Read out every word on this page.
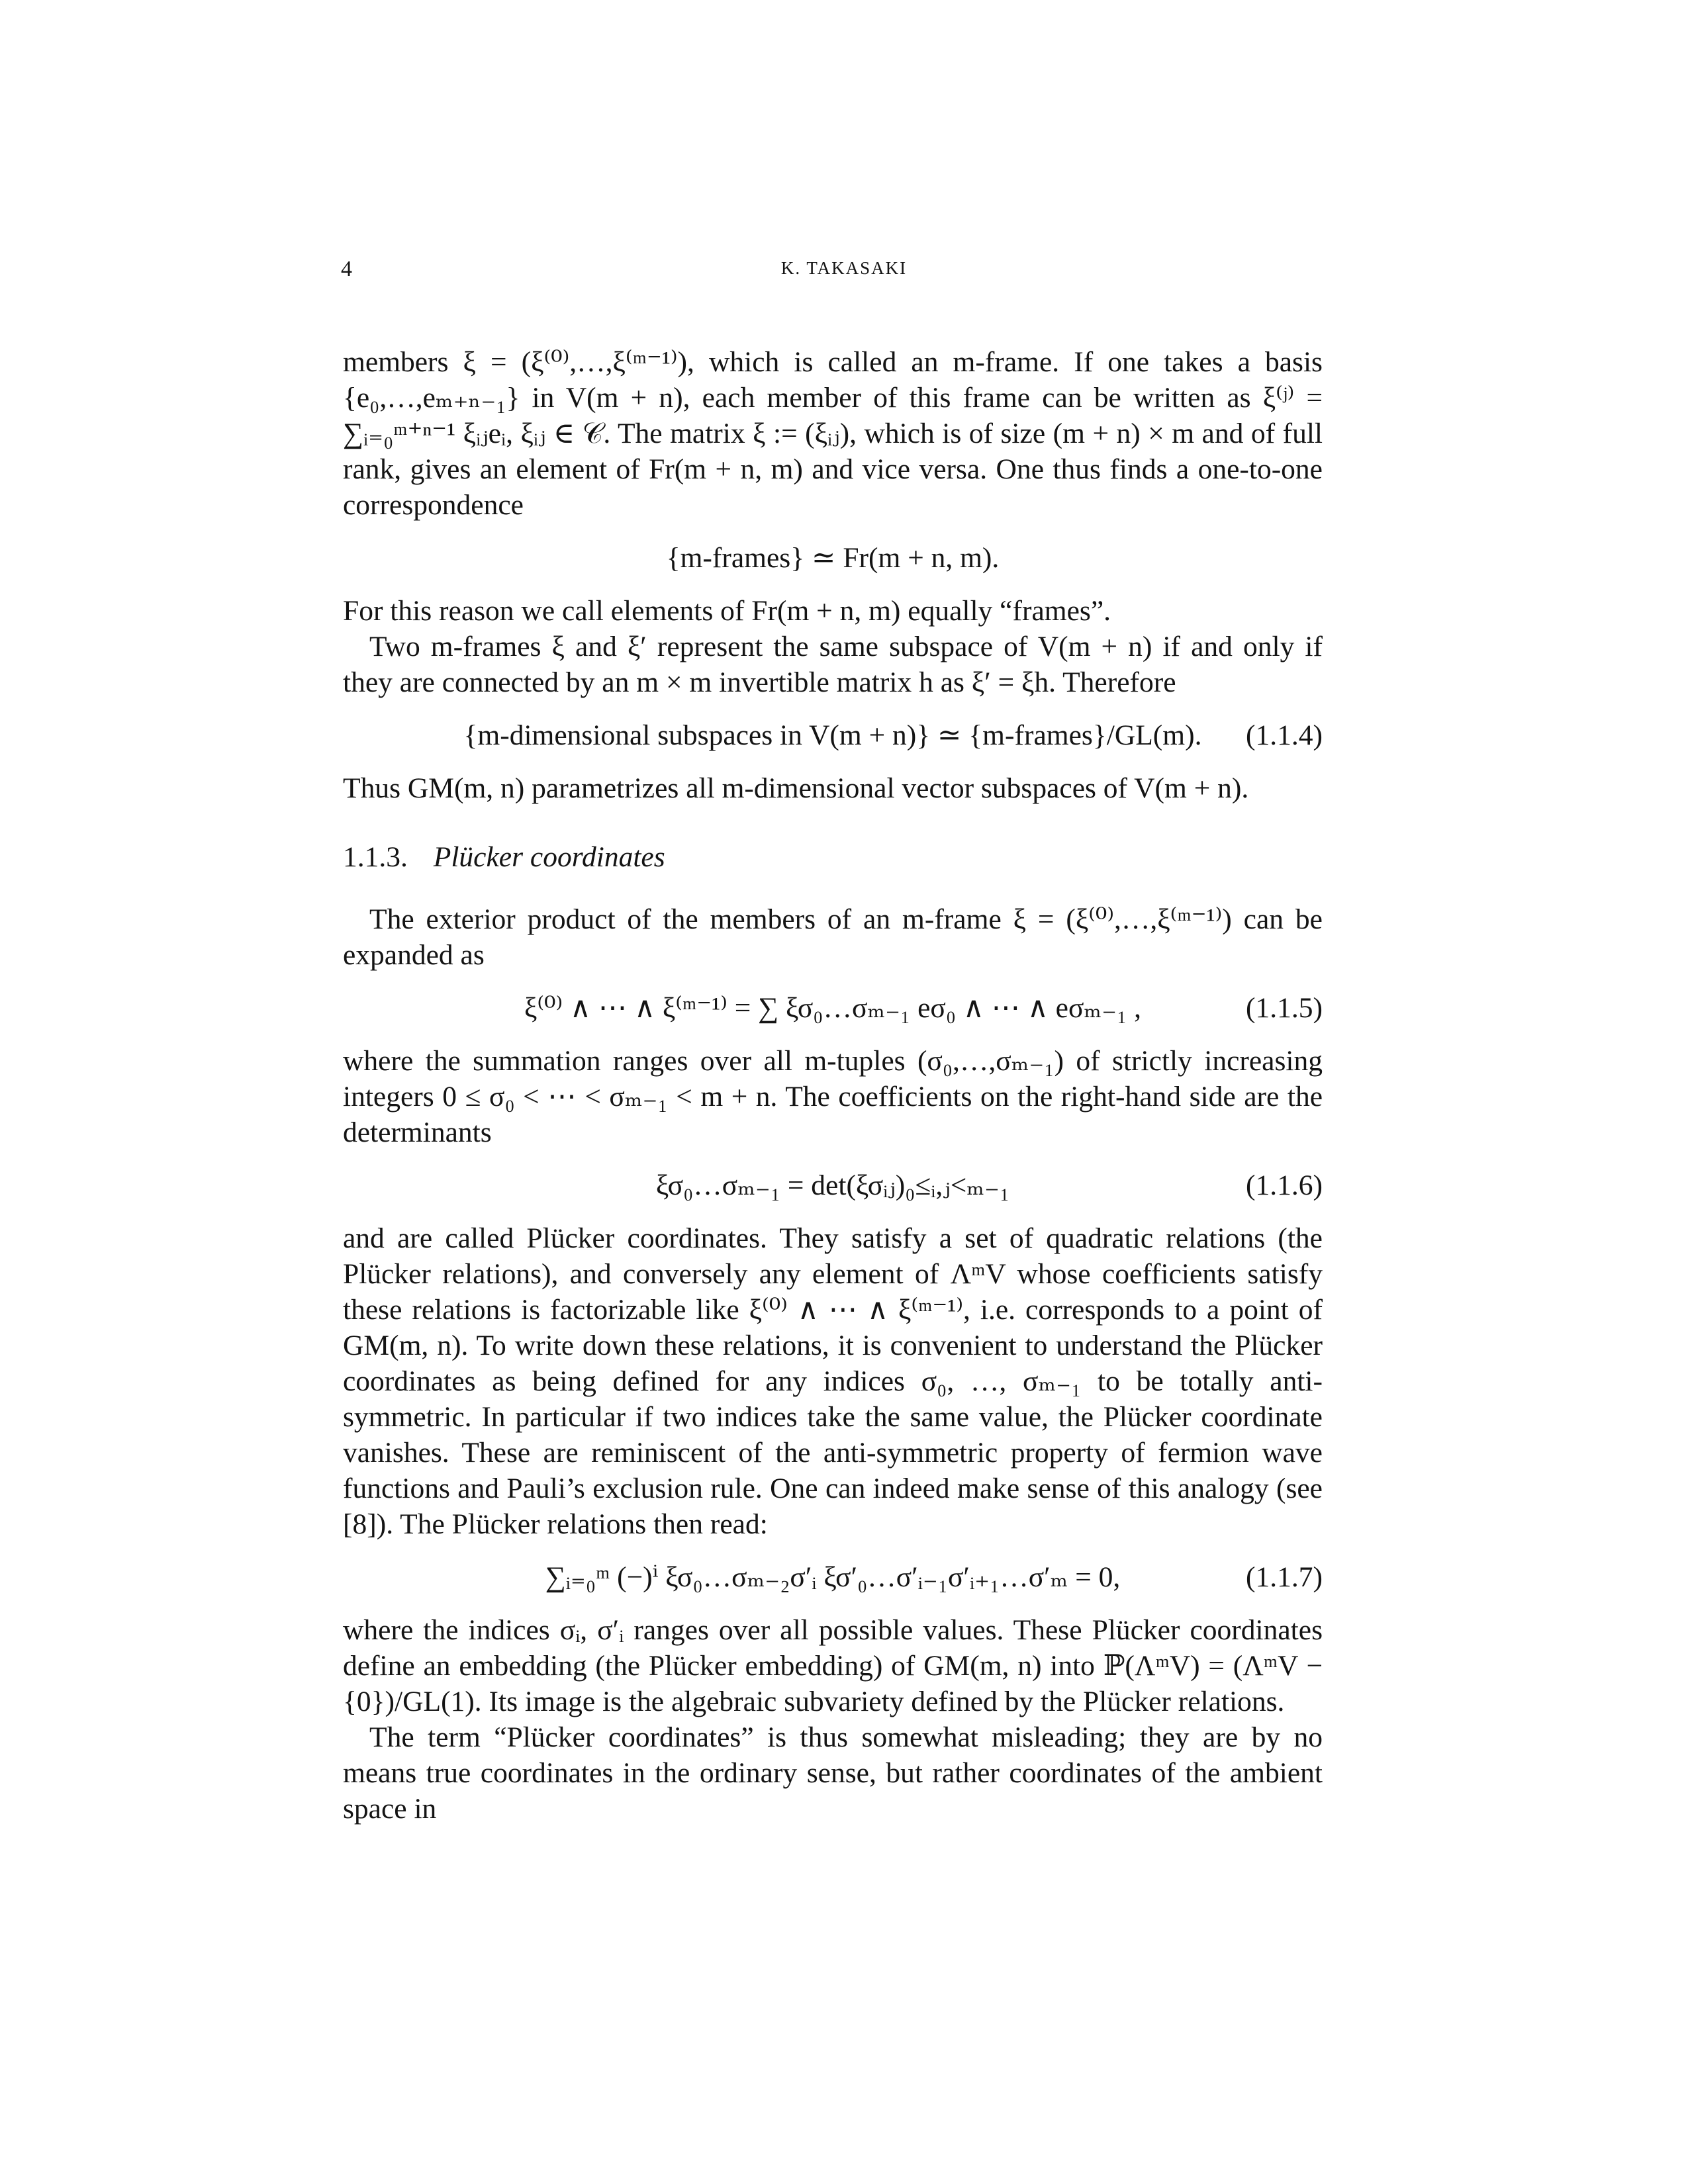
4	K. TAKASAKI

members ξ = (ξ⁽⁰⁾,…,ξ⁽ᵐ⁻¹⁾), which is called an m-frame. If one takes a basis {e₀,…,eₘ₊ₙ₋₁} in V(m + n), each member of this frame can be written as ξ⁽ʲ⁾ = ∑ᵢ₌₀ᵐ⁺ⁿ⁻¹ ξᵢⱼeᵢ, ξᵢⱼ ∈ 𝒞. The matrix ξ := (ξᵢⱼ), which is of size (m + n) × m and of full rank, gives an element of Fr(m + n, m) and vice versa. One thus finds a one-to-one correspondence

{m-frames} ≃ Fr(m + n, m).

For this reason we call elements of Fr(m + n, m) equally “frames”.

Two m-frames ξ and ξ′ represent the same subspace of V(m + n) if and only if they are connected by an m × m invertible matrix h as ξ′ = ξh. Therefore

{m-dimensional subspaces in V(m + n)} ≃ {m-frames}/GL(m).	(1.1.4)

Thus GM(m, n) parametrizes all m-dimensional vector subspaces of V(m + n).

1.1.3. Plücker coordinates

The exterior product of the members of an m-frame ξ = (ξ⁽⁰⁾,…,ξ⁽ᵐ⁻¹⁾) can be expanded as

ξ⁽⁰⁾ ∧ ⋯ ∧ ξ⁽ᵐ⁻¹⁾ = ∑ ξσ₀…σₘ₋₁ eσ₀ ∧ ⋯ ∧ eσₘ₋₁ ,	(1.1.5)

where the summation ranges over all m-tuples (σ₀,…,σₘ₋₁) of strictly increasing integers 0 ≤ σ₀ < ⋯ < σₘ₋₁ < m + n. The coefficients on the right-hand side are the determinants

ξσ₀…σₘ₋₁ = det(ξσᵢⱼ)₀≤ᵢ,ⱼ<ₘ₋₁	(1.1.6)

and are called Plücker coordinates. They satisfy a set of quadratic relations (the Plücker relations), and conversely any element of ΛᵐV whose coefficients satisfy these relations is factorizable like ξ⁽⁰⁾ ∧ ⋯ ∧ ξ⁽ᵐ⁻¹⁾, i.e. corresponds to a point of GM(m, n). To write down these relations, it is convenient to understand the Plücker coordinates as being defined for any indices σ₀, …, σₘ₋₁ to be totally anti-symmetric. In particular if two indices take the same value, the Plücker coordinate vanishes. These are reminiscent of the anti-symmetric property of fermion wave functions and Pauli’s exclusion rule. One can indeed make sense of this analogy (see [8]). The Plücker relations then read:

∑ᵢ₌₀ᵐ (−)ⁱ ξσ₀…σₘ₋₂σ′ᵢ ξσ′₀…σ′ᵢ₋₁σ′ᵢ₊₁…σ′ₘ = 0,	(1.1.7)

where the indices σᵢ, σ′ᵢ ranges over all possible values. These Plücker coordinates define an embedding (the Plücker embedding) of GM(m, n) into ℙ(ΛᵐV) = (ΛᵐV − {0})/GL(1). Its image is the algebraic subvariety defined by the Plücker relations.

The term “Plücker coordinates” is thus somewhat misleading; they are by no means true coordinates in the ordinary sense, but rather coordinates of the ambient space in
